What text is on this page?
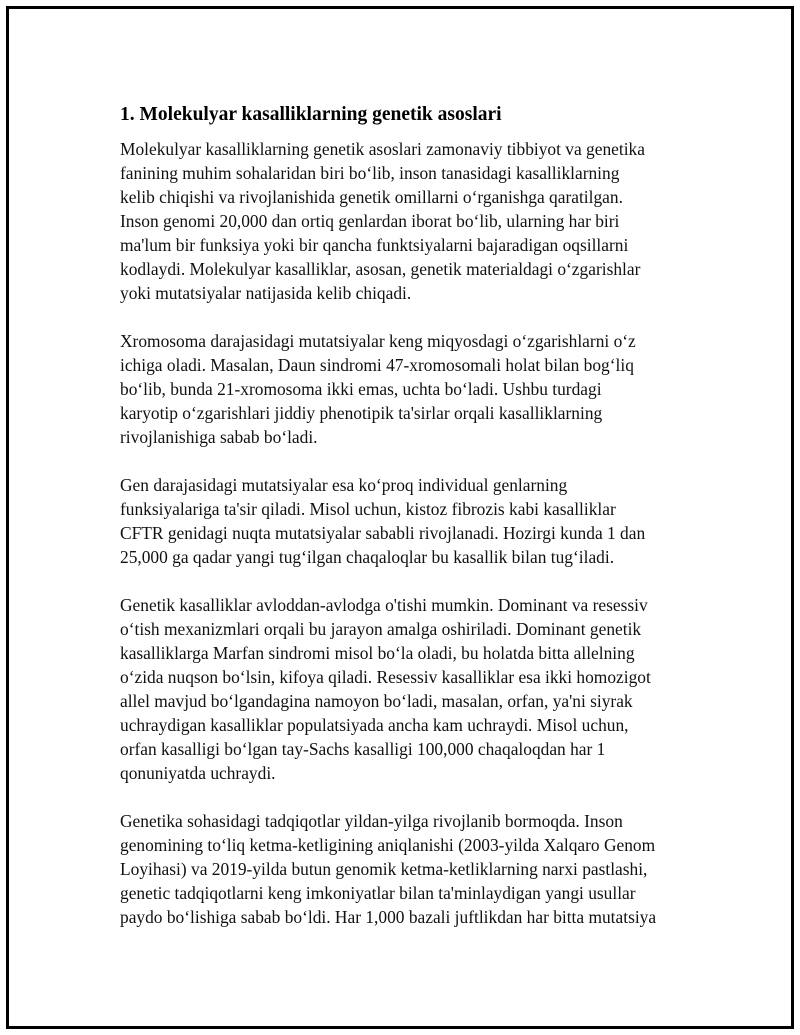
1. Molekulyar kasalliklarning genetik asoslari
Molekulyar kasalliklarning genetik asoslari zamonaviy tibbiyot va genetika
fanining muhim sohalaridan biri boʻlib, inson tanasidagi kasalliklarning
kelib chiqishi va rivojlanishida genetik omillarni oʻrganishga qaratilgan.
Inson genomi 20,000 dan ortiq genlardan iborat boʻlib, ularning har biri
ma'lum bir funksiya yoki bir qancha funktsiyalarni bajaradigan oqsillarni
kodlaydi. Molekulyar kasalliklar, asosan, genetik materialdagi oʻzgarishlar
yoki mutatsiyalar natijasida kelib chiqadi.
Xromosoma darajasidagi mutatsiyalar keng miqyosdagi oʻzgarishlarni oʻz
ichiga oladi. Masalan, Daun sindromi 47-xromosomali holat bilan bogʻliq
boʻlib, bunda 21-xromosoma ikki emas, uchta boʻladi. Ushbu turdagi
karyotip oʻzgarishlari jiddiy phenotipik ta'sirlar orqali kasalliklarning
rivojlanishiga sabab boʻladi.
Gen darajasidagi mutatsiyalar esa koʻproq individual genlarning
funksiyalariga ta'sir qiladi. Misol uchun, kistoz fibrozis kabi kasalliklar
CFTR genidagi nuqta mutatsiyalar sababli rivojlanadi. Hozirgi kunda 1 dan
25,000 ga qadar yangi tugʻilgan chaqaloqlar bu kasallik bilan tugʻiladi.
Genetik kasalliklar avloddan-avlodga o'tishi mumkin. Dominant va resessiv
oʻtish mexanizmlari orqali bu jarayon amalga oshiriladi. Dominant genetik
kasalliklarga Marfan sindromi misol boʻla oladi, bu holatda bitta allelning
oʻzida nuqson boʻlsin, kifoya qiladi. Resessiv kasalliklar esa ikki homozigot
allel mavjud boʻlgandagina namoyon boʻladi, masalan, orfan, ya'ni siyrak
uchraydigan kasalliklar populatsiyada ancha kam uchraydi. Misol uchun,
orfan kasalligi boʻlgan tay-Sachs kasalligi 100,000 chaqaloqdan har 1
qonuniyatda uchraydi.
Genetika sohasidagi tadqiqotlar yildan-yilga rivojlanib bormoqda. Inson
genomining toʻliq ketma-ketligining aniqlanishi (2003-yilda Xalqaro Genom
Loyihasi) va 2019-yilda butun genomik ketma-ketliklarning narxi pastlashi,
genetic tadqiqotlarni keng imkoniyatlar bilan ta'minlaydigan yangi usullar
paydo boʻlishiga sabab boʻldi. Har 1,000 bazali juftlikdan har bitta mutatsiya
